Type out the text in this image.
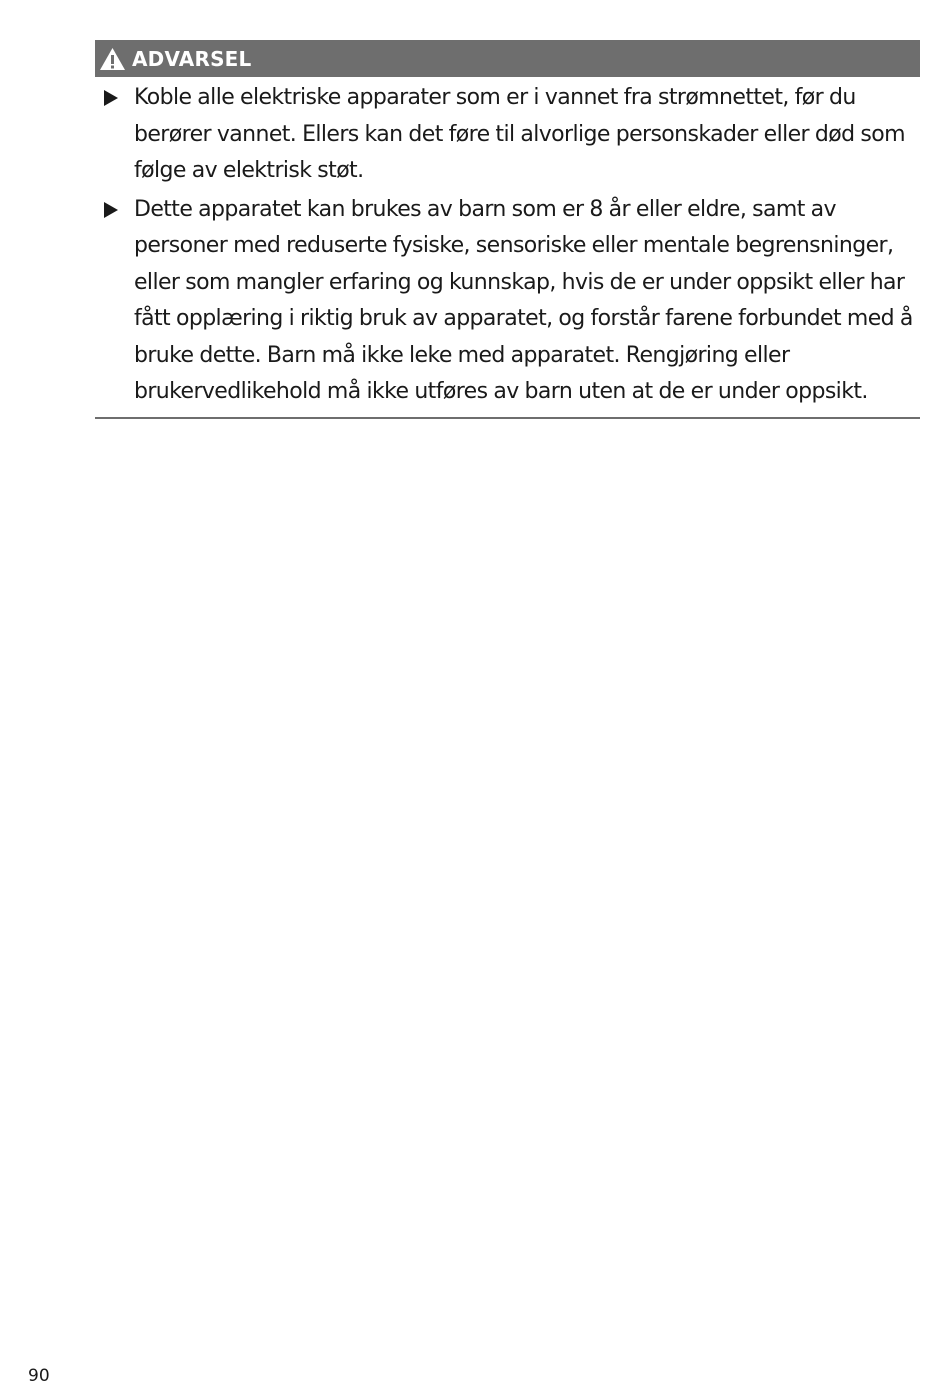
ADVARSEL
Koble alle elektriske apparater som er i vannet fra strømnettet, før du berører vannet. Ellers kan det føre til alvorlige personskader eller død som følge av elektrisk støt.
Dette apparatet kan brukes av barn som er 8 år eller eldre, samt av personer med reduserte fysiske, sensoriske eller mentale begrensninger, eller som mangler erfaring og kunnskap, hvis de er under oppsikt eller har fått opplæring i riktig bruk av apparatet, og forstår farene forbundet med å bruke dette. Barn må ikke leke med apparatet. Rengjøring eller brukervedlikehold må ikke utføres av barn uten at de er under oppsikt.
90
